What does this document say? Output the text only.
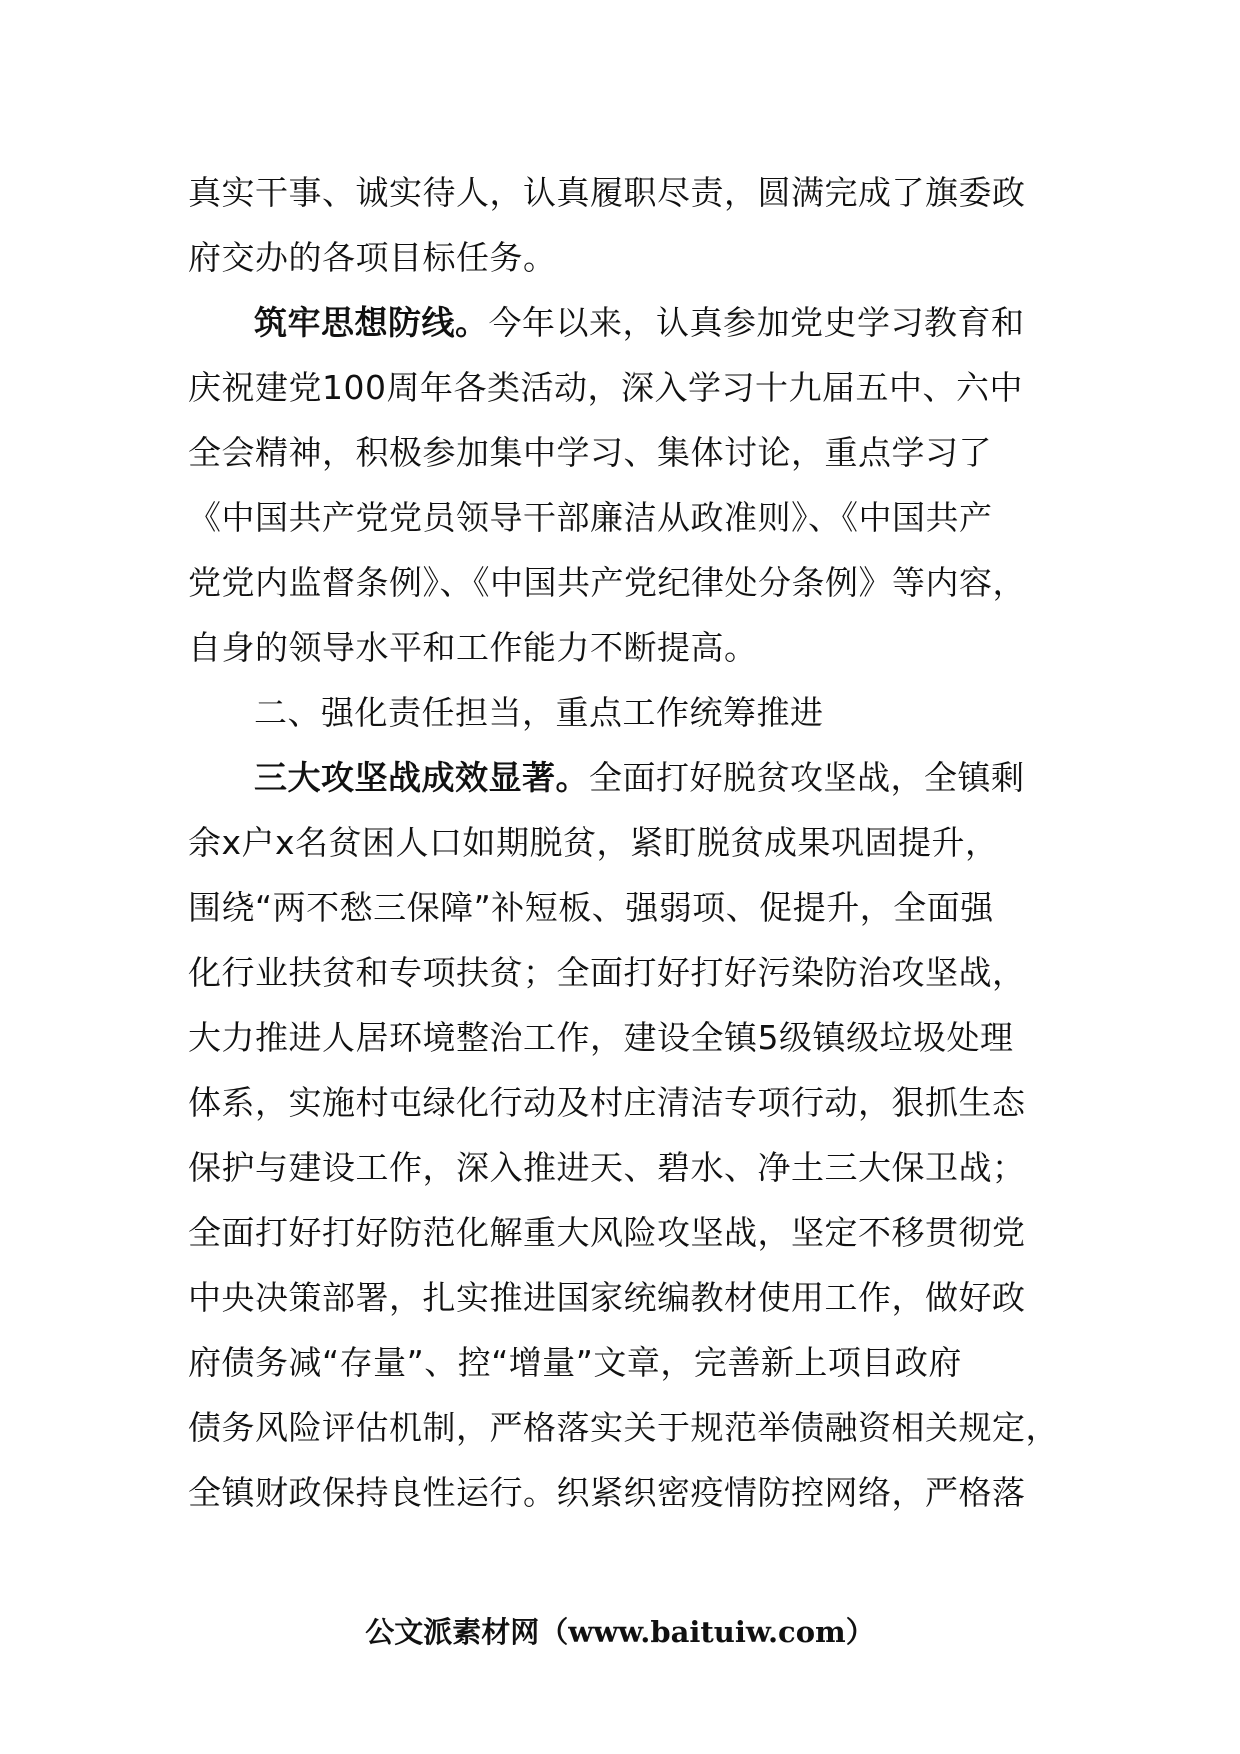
真实干事、诚实待人，认真履职尽责，圆满完成了旗委政
府交办的各项目标任务。
筑牢思想防线。今年以来，认真参加党史学习教育和
庆祝建党100周年各类活动，深入学习十九届五中、六中
全会精神，积极参加集中学习、集体讨论，重点学习了
《中国共产党党员领导干部廉洁从政准则》、《中国共产
党党内监督条例》、《中国共产党纪律处分条例》等内容，
自身的领导水平和工作能力不断提高。
二、强化责任担当，重点工作统筹推进
三大攻坚战成效显著。全面打好脱贫攻坚战，全镇剩
余x户x名贫困人口如期脱贫，紧盯脱贫成果巩固提升，
围绕“两不愁三保障”补短板、强弱项、促提升，全面强
化行业扶贫和专项扶贫；全面打好打好污染防治攻坚战，
大力推进人居环境整治工作，建设全镇5级镇级垃圾处理
体系，实施村屯绿化行动及村庄清洁专项行动，狠抓生态
保护与建设工作，深入推进天、碧水、净土三大保卫战；
全面打好打好防范化解重大风险攻坚战，坚定不移贯彻党
中央决策部署，扎实推进国家统编教材使用工作，做好政
府债务减“存量”、控“增量”文章，完善新上项目政府
债务风险评估机制，严格落实关于规范举债融资相关规定，
全镇财政保持良性运行。织紧织密疫情防控网络，严格落
公文派素材网（www.baituiw.com）
